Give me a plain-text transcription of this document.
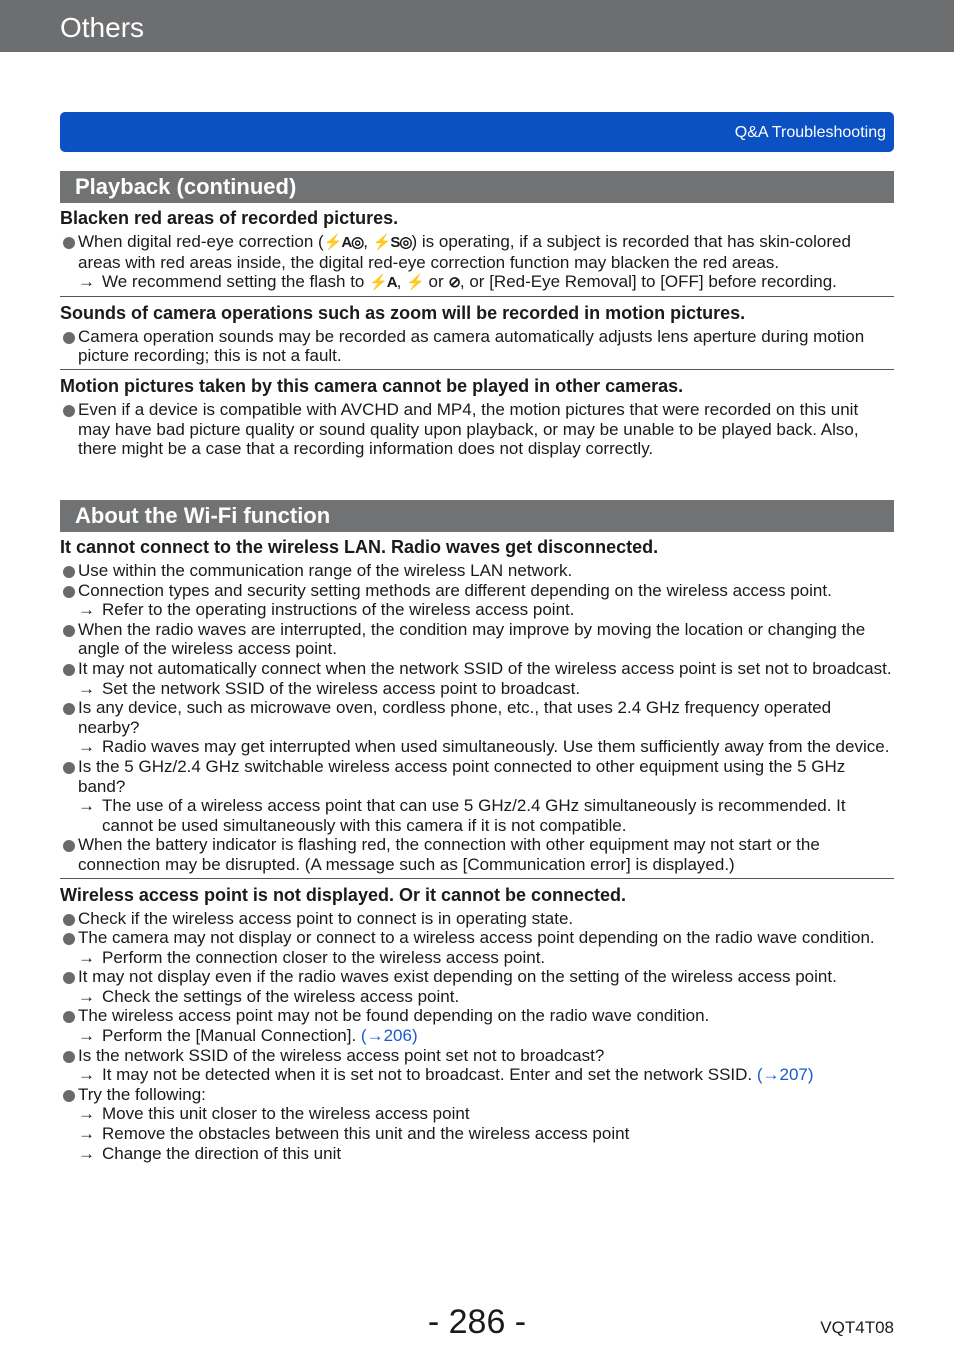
Others
Q&A Troubleshooting
Playback (continued)

Blacken red areas of recorded pictures.

When digital red-eye correction (⚡A◎, ⚡S◎) is operating, if a subject is recorded that has skin-colored areas with red areas inside, the digital red-eye correction function may blacken the red areas.

→ We recommend setting the flash to ⚡A, ⚡ or ⊘, or [Red-Eye Removal] to [OFF] before recording.

Sounds of camera operations such as zoom will be recorded in motion pictures.

Camera operation sounds may be recorded as camera automatically adjusts lens aperture during motion picture recording; this is not a fault.

Motion pictures taken by this camera cannot be played in other cameras.

Even if a device is compatible with AVCHD and MP4, the motion pictures that were recorded on this unit may have bad picture quality or sound quality upon playback, or may be unable to be played back. Also, there might be a case that a recording information does not display correctly.

About the Wi-Fi function

It cannot connect to the wireless LAN. Radio waves get disconnected.

Use within the communication range of the wireless LAN network.

Connection types and security setting methods are different depending on the wireless access point.

→ Refer to the operating instructions of the wireless access point.

When the radio waves are interrupted, the condition may improve by moving the location or changing the angle of the wireless access point.

It may not automatically connect when the network SSID of the wireless access point is set not to broadcast.

→ Set the network SSID of the wireless access point to broadcast.

Is any device, such as microwave oven, cordless phone, etc., that uses 2.4 GHz frequency operated nearby?

→ Radio waves may get interrupted when used simultaneously. Use them sufficiently away from the device.

Is the 5 GHz/2.4 GHz switchable wireless access point connected to other equipment using the 5 GHz band?

→ The use of a wireless access point that can use 5 GHz/2.4 GHz simultaneously is recommended. It cannot be used simultaneously with this camera if it is not compatible.

When the battery indicator is flashing red, the connection with other equipment may not start or the connection may be disrupted. (A message such as [Communication error] is displayed.)

Wireless access point is not displayed. Or it cannot be connected.

Check if the wireless access point to connect is in operating state.

The camera may not display or connect to a wireless access point depending on the radio wave condition.

→ Perform the connection closer to the wireless access point.

It may not display even if the radio waves exist depending on the setting of the wireless access point.

→ Check the settings of the wireless access point.

The wireless access point may not be found depending on the radio wave condition.

→ Perform the [Manual Connection]. (→206)

Is the network SSID of the wireless access point set not to broadcast?

→ It may not be detected when it is set not to broadcast. Enter and set the network SSID. (→207)

Try the following:

→ Move this unit closer to the wireless access point

→ Remove the obstacles between this unit and the wireless access point

→ Change the direction of this unit

- 286 -	VQT4T08
